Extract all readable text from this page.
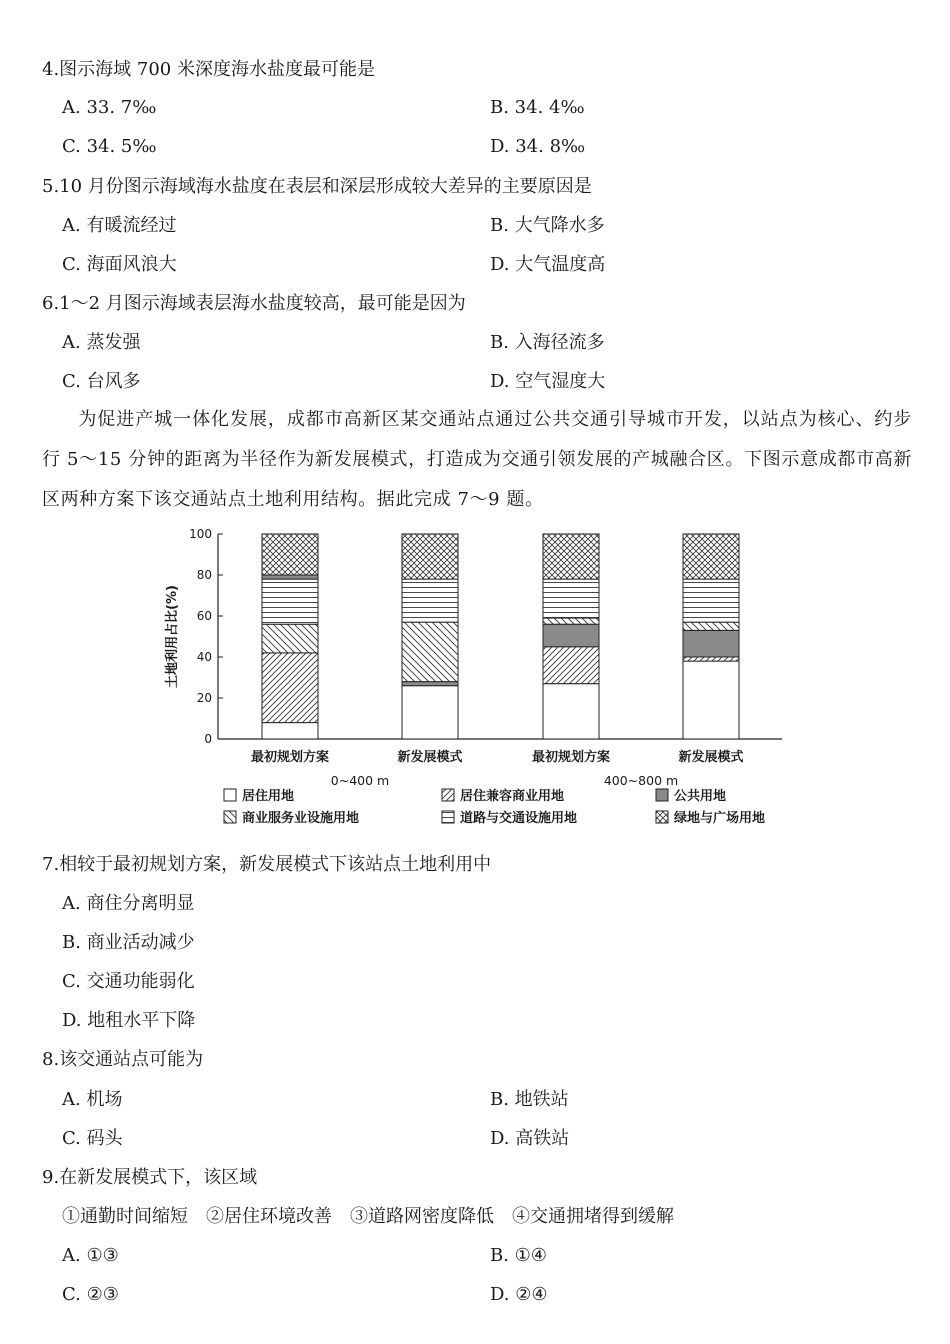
4.图示海域 700 米深度海水盐度最可能是
A. 33. 7‰	B. 34. 4‰
C. 34. 5‰	D. 34. 8‰
5.10 月份图示海域海水盐度在表层和深层形成较大差异的主要原因是
A. 有暖流经过	B. 大气降水多
C. 海面风浪大	D. 大气温度高
6.1～2 月图示海域表层海水盐度较高，最可能是因为
A. 蒸发强	B. 入海径流多
C. 台风多	D. 空气湿度大
为促进产城一体化发展，成都市高新区某交通站点通过公共交通引导城市开发，以站点为核心、约步行 5～15 分钟的距离为半径作为新发展模式，打造成为交通引领发展的产城融合区。下图示意成都市高新区两种方案下该交通站点土地利用结构。据此完成 7～9 题。
0
20
40
60
80
100
土地利用占比(%)
最初规划方案	新发展模式	最初规划方案	新发展模式
0~400 m	400~800 m
居住用地	居住兼容商业用地	公共用地
商业服务业设施用地	道路与交通设施用地	绿地与广场用地
7.相较于最初规划方案，新发展模式下该站点土地利用中
A. 商住分离明显
B. 商业活动减少
C. 交通功能弱化
D. 地租水平下降
8.该交通站点可能为
A. 机场	B. 地铁站
C. 码头	D. 高铁站
9.在新发展模式下，该区域
①通勤时间缩短　②居住环境改善　③道路网密度降低　④交通拥堵得到缓解
A. ①③	B. ①④
C. ②③	D. ②④
